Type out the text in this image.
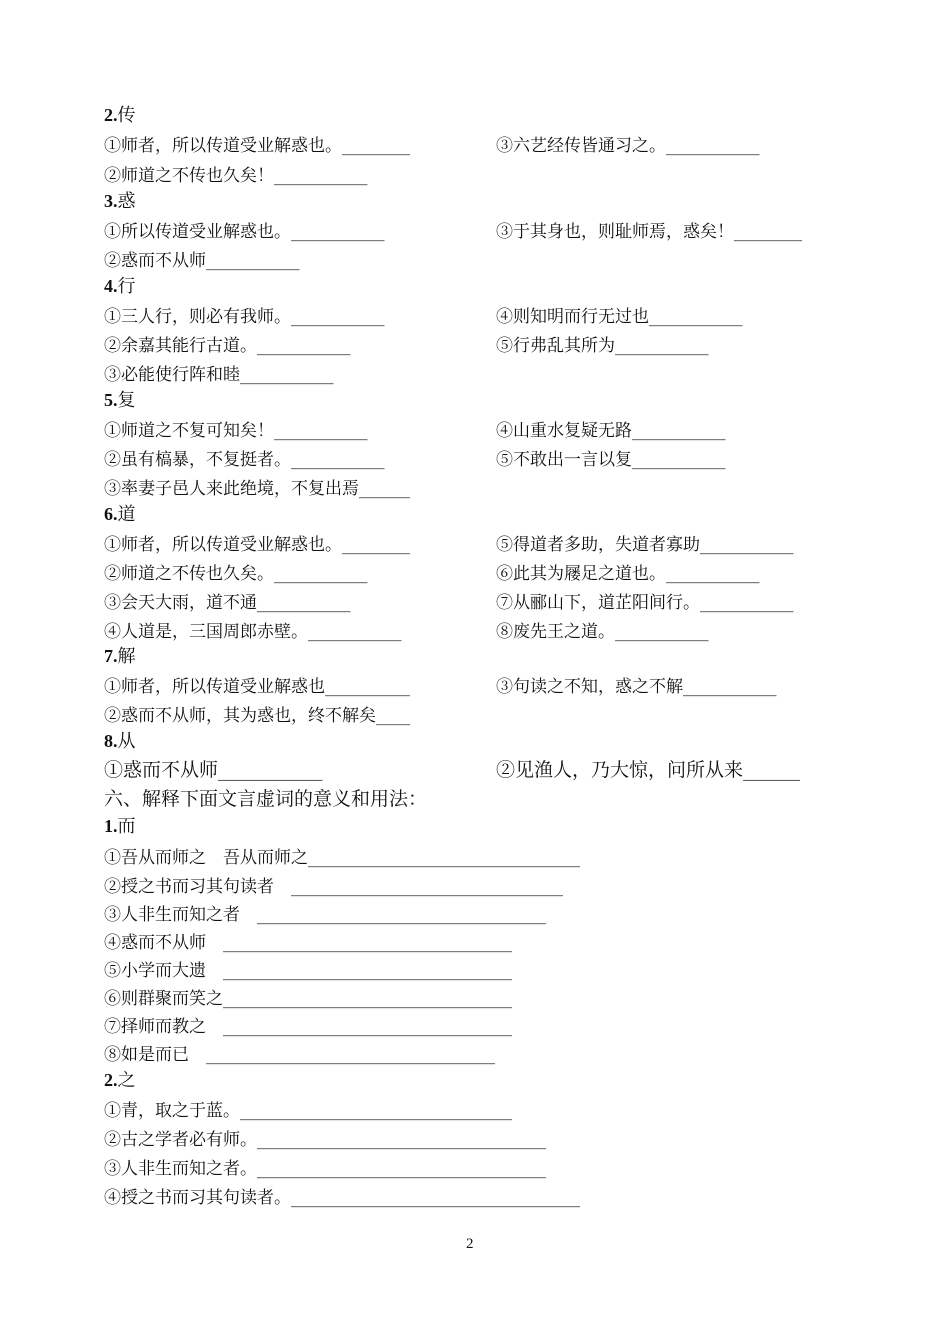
2.传
①师者，所以传道受业解惑也。________	③六艺经传皆通习之。___________
②师道之不传也久矣！___________
3.惑
①所以传道受业解惑也。___________	③于其身也，则耻师焉，惑矣！________
②惑而不从师___________
4.行
①三人行，则必有我师。___________	④则知明而行无过也___________
②余嘉其能行古道。___________	⑤行弗乱其所为___________
③必能使行阵和睦___________
5.复
①师道之不复可知矣！___________	④山重水复疑无路___________
②虽有槁暴，不复挺者。___________	⑤不敢出一言以复___________
③率妻子邑人来此绝境，不复出焉______
6.道
①师者，所以传道受业解惑也。________	⑤得道者多助，失道者寡助___________
②师道之不传也久矣。___________	⑥此其为屦足之道也。___________
③会天大雨，道不通___________	⑦从郦山下，道芷阳间行。___________
④人道是，三国周郎赤壁。___________	⑧废先王之道。___________
7.解
①师者，所以传道受业解惑也__________	③句读之不知，惑之不解___________
②惑而不从师，其为惑也，终不解矣____
8.从
①惑而不从师___________	②见渔人，乃大惊，问所从来______
六、解释下面文言虚词的意义和用法：
1.而
①吾从而师之　吾从而师之________________________________
②授之书而习其句读者　________________________________
③人非生而知之者　__________________________________
④惑而不从师　__________________________________
⑤小学而大遗　__________________________________
⑥则群聚而笑之__________________________________
⑦择师而教之　__________________________________
⑧如是而已　__________________________________
2.之
①青，取之于蓝。________________________________
②古之学者必有师。__________________________________
③人非生而知之者。__________________________________
④授之书而习其句读者。__________________________________
2
